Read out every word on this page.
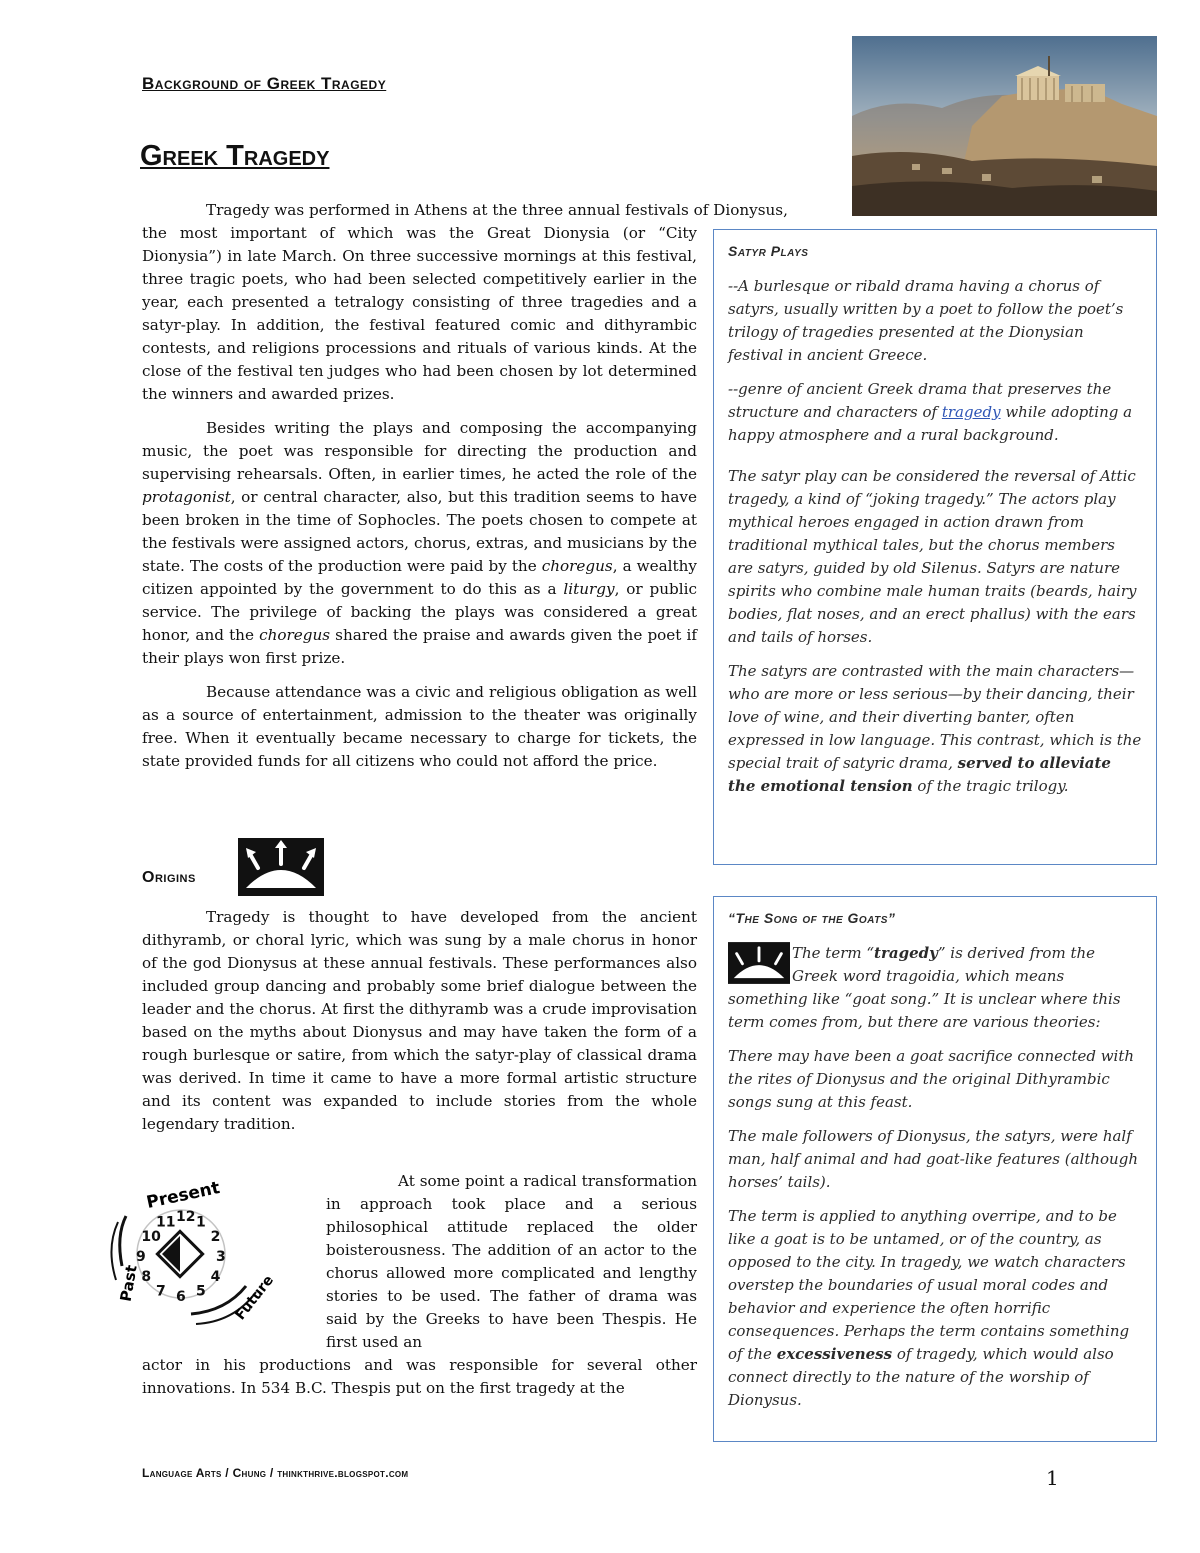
Background of Greek Tragedy
Greek Tragedy
Tragedy was performed in Athens at the three annual festivals of Dionysus,

the most important of which was the Great Dionysia (or “City Dionysia”) in late March. On three successive mornings at this festival, three tragic poets, who had been selected competitively earlier in the year, each presented a tetralogy consisting of three tragedies and a satyr-play. In addition, the festival featured comic and dithyrambic contests, and religions processions and rituals of various kinds. At the close of the festival ten judges who had been chosen by lot determined the winners and awarded prizes.

Besides writing the plays and composing the accompanying music, the poet was responsible for directing the production and supervising rehearsals. Often, in earlier times, he acted the role of the protagonist, or central character, also, but this tradition seems to have been broken in the time of Sophocles. The poets chosen to compete at the festivals were assigned actors, chorus, extras, and musicians by the state. The costs of the production were paid by the choregus, a wealthy citizen appointed by the government to do this as a liturgy, or public service. The privilege of backing the plays was considered a great honor, and the choregus shared the praise and awards given the poet if their plays won first prize.

Because attendance was a civic and religious obligation as well as a source of entertainment, admission to the theater was originally free. When it eventually became necessary to charge for tickets, the state provided funds for all citizens who could not afford the price.

Origins

Tragedy is thought to have developed from the ancient dithyramb, or choral lyric, which was sung by a male chorus in honor of the god Dionysus at these annual festivals. These performances also included group dancing and probably some brief dialogue between the leader and the chorus. At first the dithyramb was a crude improvisation based on the myths about Dionysus and may have taken the form of a rough burlesque or satire, from which the satyr-play of classical drama was derived. In time it came to have a more formal artistic structure and its content was expanded to include stories from the whole legendary tradition.

Present
Past	Future
12 1
2
3
4
5
6
7
8
9
10
11

At some point a radical transformation in approach took place and a serious philosophical attitude replaced the older boisterousness. The addition of an actor to the chorus allowed more complicated and lengthy stories to be used. The father of drama was said by the Greeks to have been Thespis. He first used an

actor in his productions and was responsible for several other innovations. In 534 B.C. Thespis put on the first tragedy at the

Satyr Plays

--A burlesque or ribald drama having a chorus of satyrs, usually written by a poet to follow the poet’s trilogy of tragedies presented at the Dionysian festival in ancient Greece.

--genre of ancient Greek drama that preserves the structure and characters of tragedy while adopting a happy atmosphere and a rural background.

The satyr play can be considered the reversal of Attic tragedy, a kind of “joking tragedy.” The actors play mythical heroes engaged in action drawn from traditional mythical tales, but the chorus members are satyrs, guided by old Silenus. Satyrs are nature spirits who combine male human traits (beards, hairy bodies, flat noses, and an erect phallus) with the ears and tails of horses.

The satyrs are contrasted with the main characters—who are more or less serious—by their dancing, their love of wine, and their diverting banter, often expressed in low language. This contrast, which is the special trait of satyric drama, served to alleviate the emotional tension of the tragic trilogy.

“The Song of the Goats”

The term “tragedy” is derived from the Greek word tragoidia, which means something like “goat song.” It is unclear where this term comes from, but there are various theories:

There may have been a goat sacrifice connected with the rites of Dionysus and the original Dithyrambic songs sung at this feast.

The male followers of Dionysus, the satyrs, were half man, half animal and had goat-like features (although horses’ tails).

The term is applied to anything overripe, and to be like a goat is to be untamed, or of the country, as opposed to the city. In tragedy, we watch characters overstep the boundaries of usual moral codes and behavior and experience the often horrific consequences. Perhaps the term contains something of the excessiveness of tragedy, which would also connect directly to the nature of the worship of Dionysus.

Language Arts / Chung / thinkthrive.blogspot.com	1
